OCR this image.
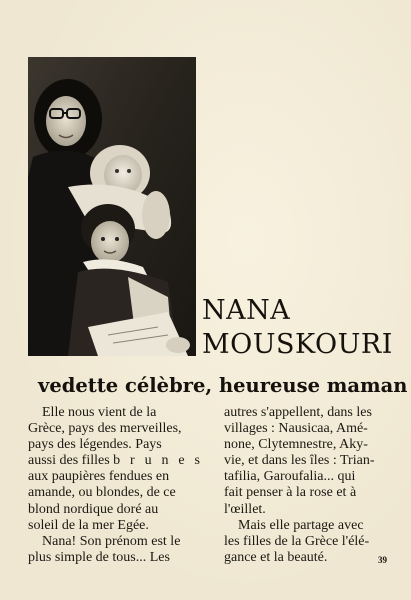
NANA
MOUSKOURI
vedette célèbre, heureuse maman
Elle nous vient de la
Grèce, pays des merveilles,
pays des légendes. Pays
aussi des filles b r u n e s
aux paupières fendues en
amande, ou blondes, de ce
blond nordique doré au
soleil de la mer Egée.
Nana! Son prénom est le
plus simple de tous... Les
autres s'appellent, dans les
villages : Nausicaa, Amé-
none, Clytemnestre, Aky-
vie, et dans les îles : Trian-
tafilia, Garoufalia... qui
fait penser à la rose et à
l'œillet.
Mais elle partage avec
les filles de la Grèce l'élé-
gance et la beauté.	39
